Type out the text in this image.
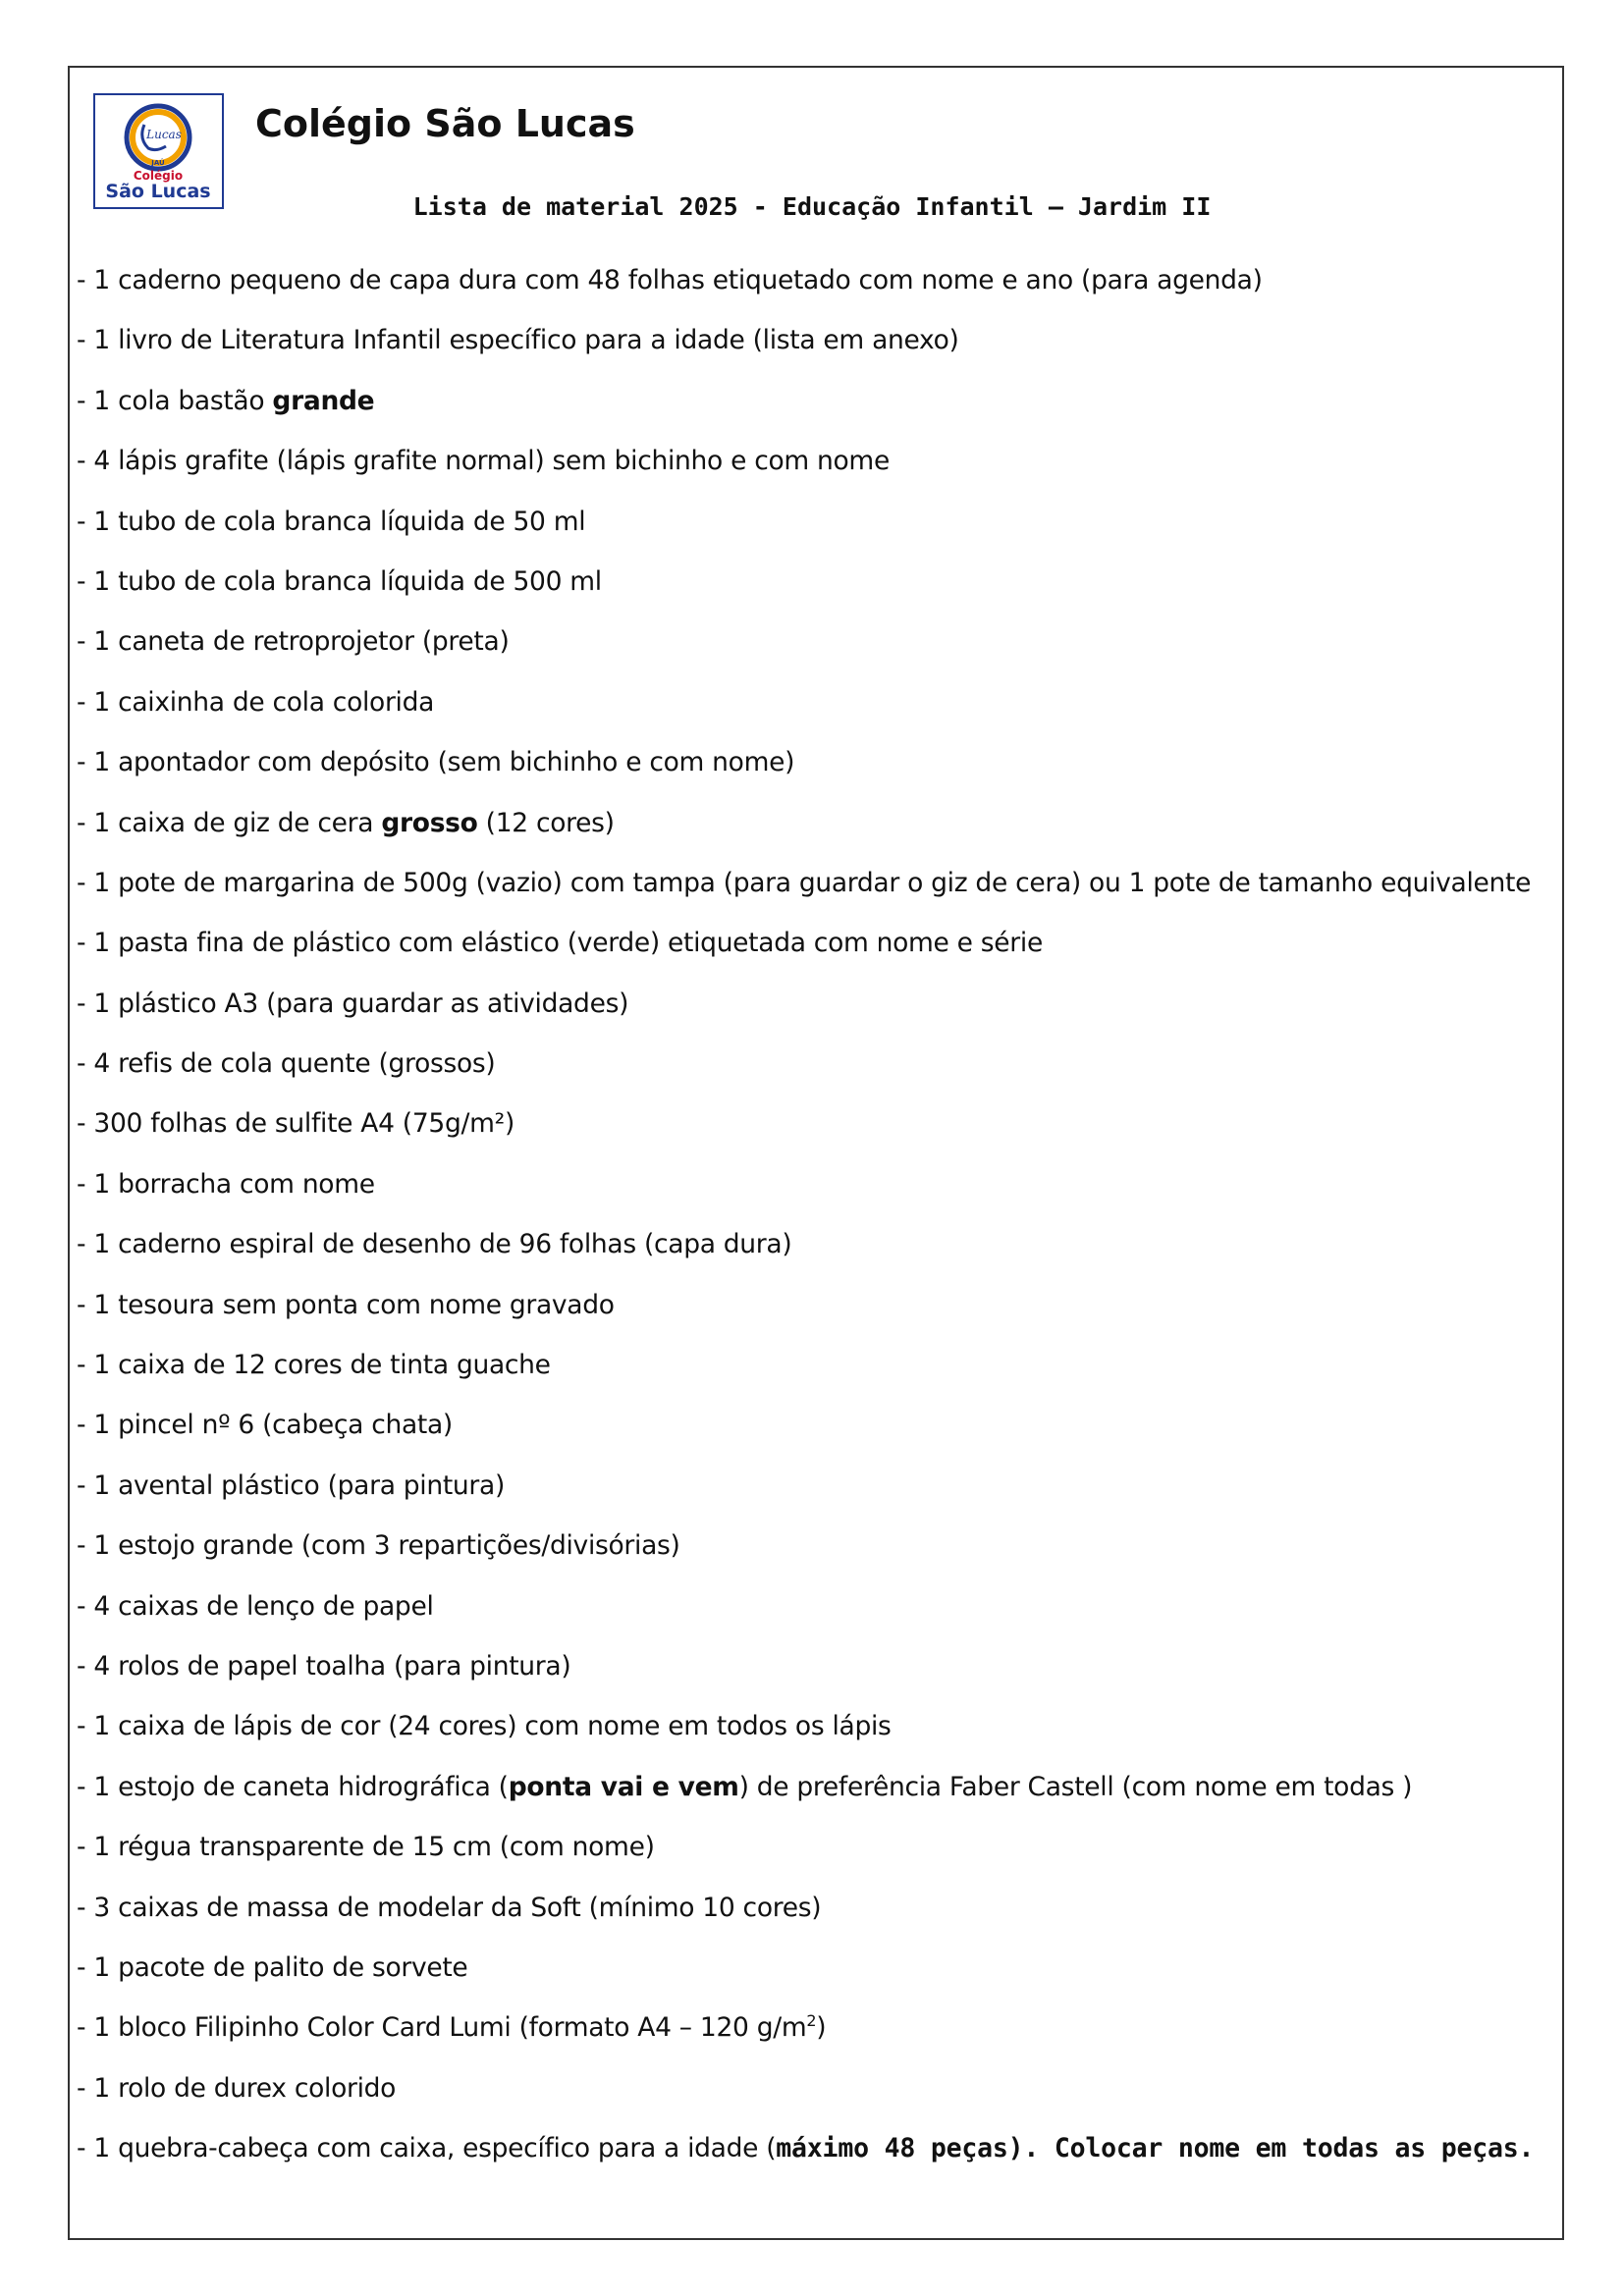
Lucas
JAÚ
Colégio
São Lucas
Colégio São Lucas
Lista de material 2025 - Educação Infantil – Jardim II
- 1 caderno pequeno de capa dura com 48 folhas etiquetado com nome e ano (para agenda)
- 1 livro de Literatura Infantil específico para a idade (lista em anexo)
- 1 cola bastão grande
- 4 lápis grafite (lápis grafite normal) sem bichinho e com nome
- 1 tubo de cola branca líquida de 50 ml
- 1 tubo de cola branca líquida de 500 ml
- 1 caneta de retroprojetor (preta)
- 1 caixinha de cola colorida
- 1 apontador com depósito (sem bichinho e com nome)
- 1 caixa de giz de cera grosso (12 cores)
- 1 pote de margarina de 500g (vazio) com tampa (para guardar o giz de cera) ou 1 pote de tamanho equivalente
- 1 pasta fina de plástico com elástico (verde) etiquetada com nome e série
- 1 plástico A3 (para guardar as atividades)
- 4 refis de cola quente (grossos)
- 300 folhas de sulfite A4 (75g/m²)
- 1 borracha com nome
- 1 caderno espiral de desenho de 96 folhas (capa dura)
- 1 tesoura sem ponta com nome gravado
- 1 caixa de 12 cores de tinta guache
- 1 pincel nº 6 (cabeça chata)
- 1 avental plástico (para pintura)
- 1 estojo grande (com 3 repartições/divisórias)
- 4 caixas de lenço de papel
- 4 rolos de papel toalha (para pintura)
- 1 caixa de lápis de cor (24 cores) com nome em todos os lápis
- 1 estojo de caneta hidrográfica (ponta vai e vem) de preferência Faber Castell (com nome em todas )
- 1 régua transparente de 15 cm (com nome)
- 3 caixas de massa de modelar da Soft (mínimo 10 cores)
- 1 pacote de palito de sorvete
- 1 bloco Filipinho Color Card Lumi (formato A4 – 120 $g/m^2$)
- 1 rolo de durex colorido
- 1 quebra-cabeça com caixa, específico para a idade (máximo 48 peças). Colocar nome em todas as peças.
